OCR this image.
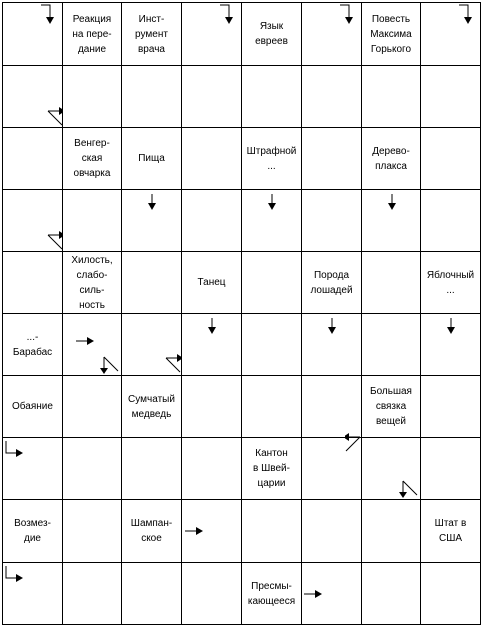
Реакция
на пере-
дание
Инст-
румент
врача
Язык
евреев
Повесть
Максима
Горького
Венгер-
ская
овчарка
Пища
Штрафной
...
Дерево-
плакса
Хилость,
слабо-
силь-
ность
Танец
Порода
лошадей
Яблочный
...
...-
Барабас
Обаяние
Сумчатый
медведь
Большая
связка
вещей
Кантон
в Швей-
царии
Возмез-
дие
Шампан-
ское
Штат в
США
Пресмы-
кающееся
